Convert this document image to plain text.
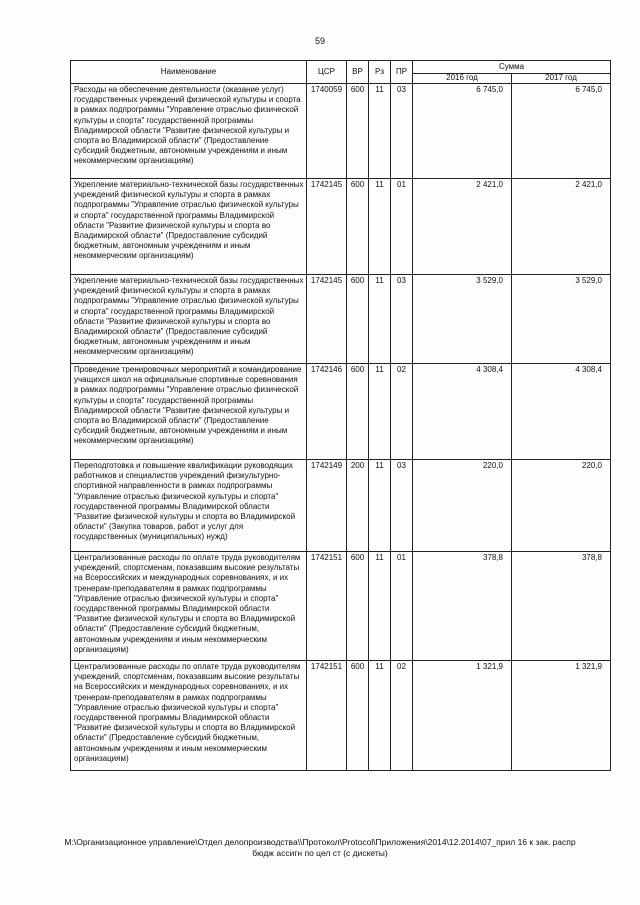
59
Наименование	ЦСР	ВР	Рз	ПР	Сумма	
					2016 год	2017 год
Расходы на обеспечение деятельности (оказание услуг) государственных учреждений физической культуры и спорта в рамках подпрограммы "Управление отраслью физической культуры и спорта" государственной программы Владимирской области "Развитие физической культуры и спорта во Владимирской области" (Предоставление субсидий бюджетным, автономным учреждениям и иным некоммерческим организациям)	1740059	600	11	03	6 745,0	6 745,0
Укрепление материально-технической базы государственных учреждений физической культуры и спорта в рамках подпрограммы "Управление отраслью физической культуры и спорта" государственной программы Владимирской области "Развитие физической культуры и спорта во Владимирской области" (Предоставление субсидий бюджетным, автономным учреждениям и иным некоммерческим организациям)	1742145	600	11	01	2 421,0	2 421,0
Укрепление материально-технической базы государственных учреждений физической культуры и спорта в рамках подпрограммы "Управление отраслью физической культуры и спорта" государственной программы Владимирской области "Развитие физической культуры и спорта во Владимирской области" (Предоставление субсидий бюджетным, автономным учреждениям и иным некоммерческим организациям)	1742145	600	11	03	3 529,0	3 529,0
Проведение тренировочных мероприятий и командирование учащихся школ на официальные спортивные соревнования в рамках подпрограммы "Управление отраслью физической культуры и спорта" государственной программы Владимирской области "Развитие физической культуры и спорта во Владимирской области" (Предоставление субсидий бюджетным, автономным учреждениям и иным некоммерческим организациям)	1742146	600	11	02	4 308,4	4 308,4
Переподготовка и повышение квалификации руководящих работников и специалистов учреждений физкультурно-спортивной направленности в рамках подпрограммы "Управление отраслью физической культуры и спорта" государственной программы Владимирской области "Развитие физической культуры и спорта во Владимирской области" (Закупка товаров, работ и услуг для государственных (муниципальных) нужд)	1742149	200	11	03	220,0	220,0
Централизованные расходы по оплате труда руководителям учреждений, спортсменам, показавшим высокие результаты на Всероссийских и международных соревнованиях, и их тренерам-преподавателям в рамках подпрограммы "Управление отраслью физической культуры и спорта" государственной программы Владимирской области "Развитие физической культуры и спорта во Владимирской области" (Предоставление субсидий бюджетным, автономным учреждениям и иным некоммерческим организациям)	1742151	600	11	01	378,8	378,8
Централизованные расходы по оплате труда руководителям учреждений, спортсменам, показавшим высокие результаты на Всероссийских и международных соревнованиях, и их тренерам-преподавателям в рамках подпрограммы "Управление отраслью физической культуры и спорта" государственной программы Владимирской области "Развитие физической культуры и спорта во Владимирской области" (Предоставление субсидий бюджетным, автономным учреждениям и иным некоммерческим организациям)	1742151	600	11	02	1 321,9	1 321,9
М:\Организационное управление\Отдел делопроизводства\\Протокол\Protocol\Приложения\2014\12.2014\07_прил 16 к зак. распр
бюдж ассигн по цел ст (с дискеты)
